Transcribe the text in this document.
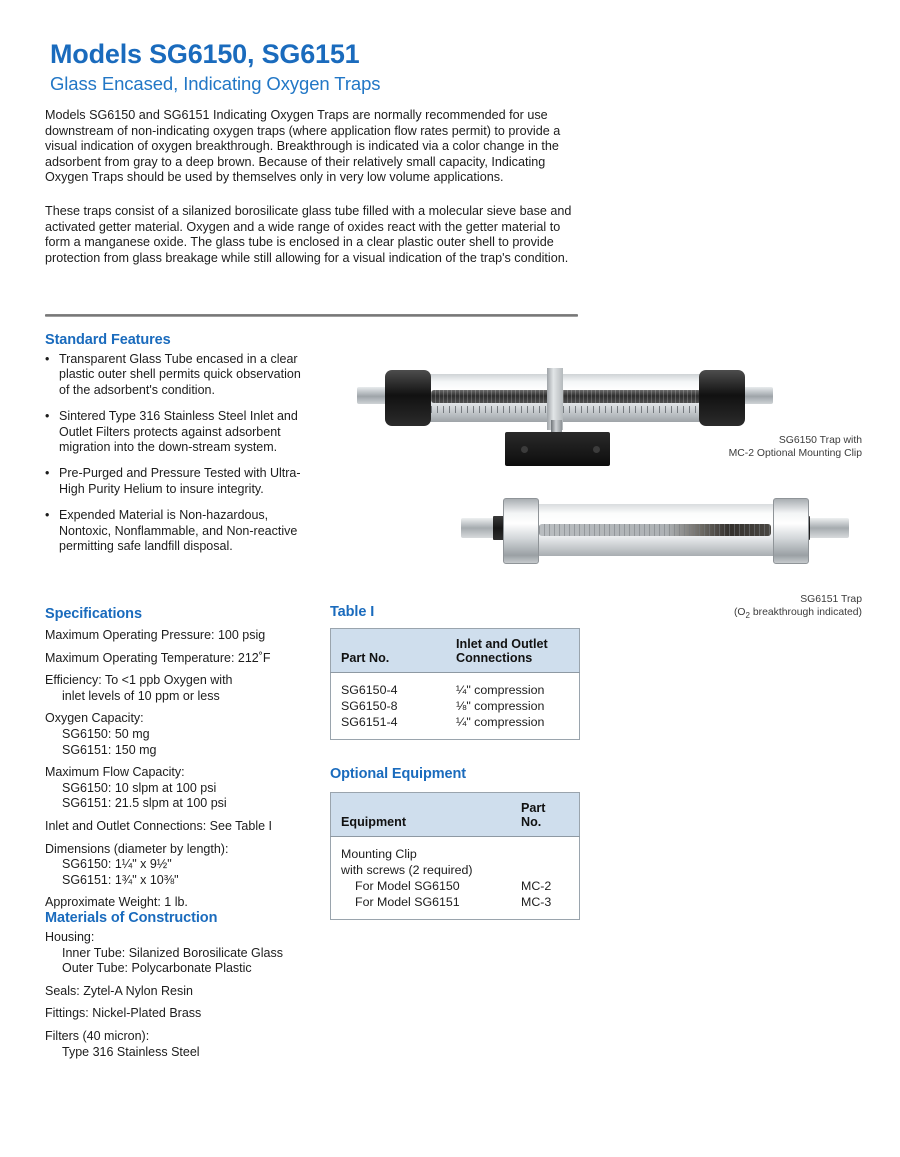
Models SG6150, SG6151
Glass Encased, Indicating Oxygen Traps

Models SG6150 and SG6151 Indicating Oxygen Traps are normally recommended for use downstream of non-indicating oxygen traps (where application flow rates permit) to provide a visual indication of oxygen breakthrough. Breakthrough is indicated via a color change in the adsorbent from gray to a deep brown. Because of their relatively small capacity, Indicating Oxygen Traps should be used by themselves only in very low volume applications.

These traps consist of a silanized borosilicate glass tube filled with a molecular sieve base and activated getter material. Oxygen and a wide range of oxides react with the getter material to form a manganese oxide. The glass tube is enclosed in a clear plastic outer shell to provide protection from glass breakage while still allowing for a visual indication of the trap's condition.

Standard Features
• Transparent Glass Tube encased in a clear plastic outer shell permits quick observation of the adsorbent's condition.
• Sintered Type 316 Stainless Steel Inlet and Outlet Filters protects against adsorbent migration into the down-stream system.
• Pre-Purged and Pressure Tested with Ultra-High Purity Helium to insure integrity.
• Expended Material is Non-hazardous, Nontoxic, Nonflammable, and Non-reactive permitting safe landfill disposal.
Specifications
Maximum Operating Pressure: 100 psig
Maximum Operating Temperature: 212˚F
Efficiency: To <1 ppb Oxygen with
inlet levels of 10 ppm or less
Oxygen Capacity:
SG6150: 50 mg
SG6151: 150 mg
Maximum Flow Capacity:
SG6150: 10 slpm at 100 psi
SG6151: 21.5 slpm at 100 psi
Inlet and Outlet Connections: See Table I
Dimensions (diameter by length):
SG6150: 1¼" x 9½"
SG6151: 1¾" x 10⅜"
Approximate Weight: 1 lb.
Materials of Construction
Housing:
Inner Tube: Silanized Borosilicate Glass
Outer Tube: Polycarbonate Plastic
Seals: Zytel-A Nylon Resin
Fittings: Nickel-Plated Brass
Filters (40 micron):
Type 316 Stainless Steel
Table I
Part No.	Inlet and Outlet
Connections
SG6150-4	¼" compression
SG6150-8	⅛" compression
SG6151-4	¼" compression
Optional Equipment
Equipment	Part No.
Mounting Clip	
with screws (2 required)	
For Model SG6150	MC-2
For Model SG6151	MC-3
SG6150 Trap with
MC-2 Optional Mounting Clip
SG6151 Trap
($O_2$ breakthrough indicated)
